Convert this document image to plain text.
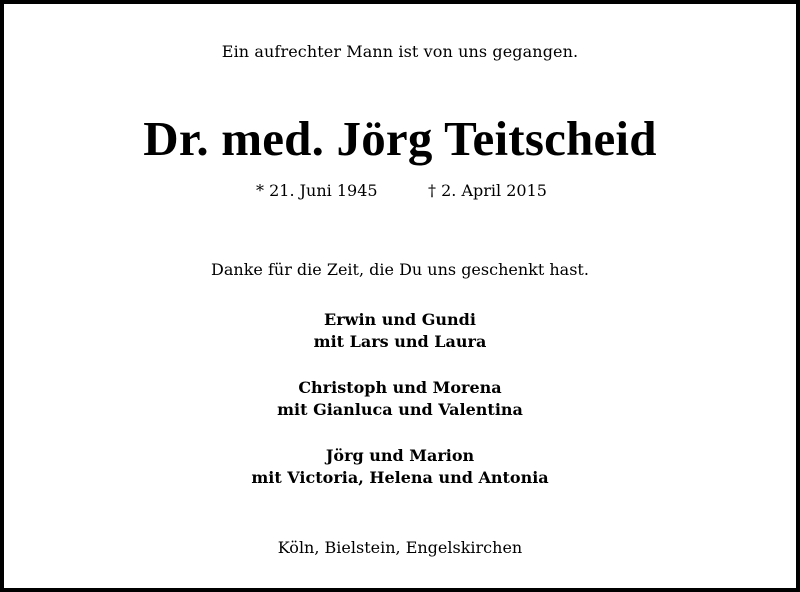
Ein aufrechter Mann ist von uns gegangen.
Dr. med. Jörg Teitscheid
* 21. Juni 1945	† 2. April 2015
Danke für die Zeit, die Du uns geschenkt hast.
Erwin und Gundi
mit Lars und Laura
Christoph und Morena
mit Gianluca und Valentina
Jörg und Marion
mit Victoria, Helena und Antonia
Köln, Bielstein, Engelskirchen
